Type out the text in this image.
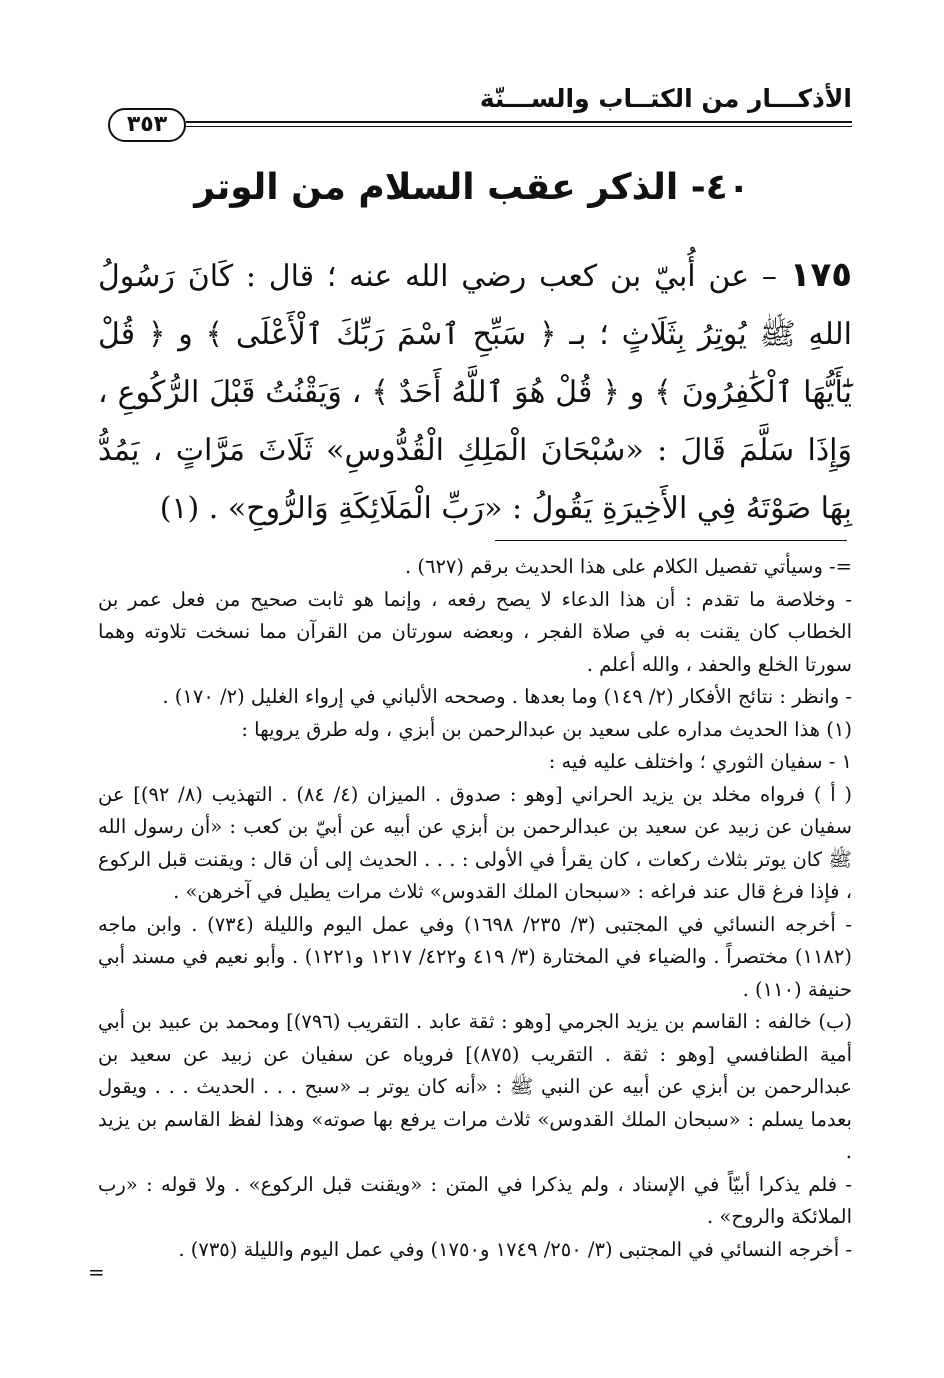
الأذكـــار من الكتــاب والســـنّة
٣٥٣
٤٠- الذكر عقب السلام من الوتر
١٧٥ – عن أُبيّ بن كعب رضي الله عنه ؛ قال : كَانَ رَسُولُ اللهِ ﷺ يُوتِرُ بِثَلَاثٍ ؛ بـ ﴿ سَبِّحِ ٱسْمَ رَبِّكَ ٱلْأَعْلَى ﴾ و ﴿ قُلْ يَٰٓأَيُّهَا ٱلْكَٰفِرُونَ ﴾ و ﴿ قُلْ هُوَ ٱللَّهُ أَحَدٌ ﴾ ، وَيَقْنُتُ قَبْلَ الرُّكُوعِ ، وَإِذَا سَلَّمَ قَالَ : «سُبْحَانَ الْمَلِكِ الْقُدُّوسِ» ثَلَاثَ مَرَّاتٍ ، يَمُدُّ بِهَا صَوْتَهُ فِي الأَخِيرَةِ يَقُولُ : «رَبِّ الْمَلَائِكَةِ وَالرُّوحِ» . (١)

=- وسيأتي تفصيل الكلام على هذا الحديث برقم (٦٢٧) .

- وخلاصة ما تقدم : أن هذا الدعاء لا يصح رفعه ، وإنما هو ثابت صحيح من فعل عمر بن الخطاب كان يقنت به في صلاة الفجر ، وبعضه سورتان من القرآن مما نسخت تلاوته وهما سورتا الخلع والحفد ، والله أعلم .

- وانظر : نتائج الأفكار (٢/ ١٤٩) وما بعدها . وصححه الألباني في إرواء الغليل (٢/ ١٧٠) .

(١) هذا الحديث مداره على سعيد بن عبدالرحمن بن أبزي ، وله طرق يرويها :

١ - سفيان الثوري ؛ واختلف عليه فيه :

( أ ) فرواه مخلد بن يزيد الحراني [وهو : صدوق . الميزان (٤/ ٨٤) . التهذيب (٨/ ٩٢)] عن سفيان عن زبيد عن سعيد بن عبدالرحمن بن أبزي عن أبيه عن أبيّ بن كعب : «أن رسول الله ﷺ كان يوتر بثلاث ركعات ، كان يقرأ في الأولى : . . . الحديث إلى أن قال : ويقنت قبل الركوع ، فإذا فرغ قال عند فراغه : «سبحان الملك القدوس» ثلاث مرات يطيل في آخرهن» .

- أخرجه النسائي في المجتبى (٣/ ٢٣٥/ ١٦٩٨) وفي عمل اليوم والليلة (٧٣٤) . وابن ماجه (١١٨٢) مختصراً . والضياء في المختارة (٣/ ٤١٩ و٤٢٢/ ١٢١٧ و١٢٢١) . وأبو نعيم في مسند أبي حنيفة (١١٠) .

(ب) خالفه : القاسم بن يزيد الجرمي [وهو : ثقة عابد . التقريب (٧٩٦)] ومحمد بن عبيد بن أبي أمية الطنافسي [وهو : ثقة . التقريب (٨٧٥)] فروياه عن سفيان عن زبيد عن سعيد بن عبدالرحمن بن أبزي عن أبيه عن النبي ﷺ : «أنه كان يوتر بـ «سبح . . . الحديث . . . ويقول بعدما يسلم : «سبحان الملك القدوس» ثلاث مرات يرفع بها صوته» وهذا لفظ القاسم بن يزيد .

- فلم يذكرا أبيّاً في الإسناد ، ولم يذكرا في المتن : «ويقنت قبل الركوع» . ولا قوله : «رب الملائكة والروح» .

- أخرجه النسائي في المجتبى (٣/ ٢٥٠/ ١٧٤٩ و١٧٥٠) وفي عمل اليوم والليلة (٧٣٥) .

=
